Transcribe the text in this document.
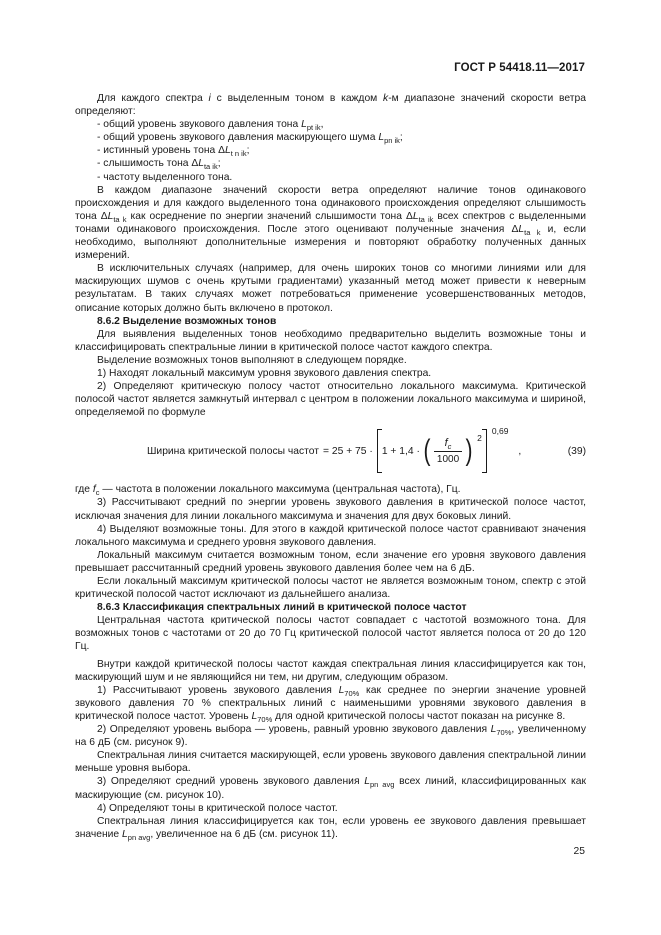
ГОСТ Р 54418.11—2017

Для каждого спектра i с выделенным тоном в каждом k-м диапазоне значений скорости ветра определяют:

- общий уровень звукового давления тона $L_{pt ik}$,

- общий уровень звукового давления маскирующего шума $L_{pn ik}$;

- истинный уровень тона $\Delta L_{t n ik}$;

- слышимость тона $\Delta L_{ta ik}$;

- частоту выделенного тона.

В каждом диапазоне значений скорости ветра определяют наличие тонов одинакового происхождения и для каждого выделенного тона одинакового происхождения определяют слышимость тона $\Delta L_{ta k}$ как осреднение по энергии значений слышимости тона $\Delta L_{ta ik}$ всех спектров с выделенными тонами одинакового происхождения. После этого оценивают полученные значения $\Delta L_{ta k}$ и, если необходимо, выполняют дополнительные измерения и повторяют обработку полученных данных измерений.

В исключительных случаях (например, для очень широких тонов со многими линиями или для маскирующих шумов с очень крутыми градиентами) указанный метод может привести к неверным результатам. В таких случаях может потребоваться применение усовершенствованных методов, описание которых должно быть включено в протокол.

8.6.2 Выделение возможных тонов

Для выявления выделенных тонов необходимо предварительно выделить возможные тоны и классифицировать спектральные линии в критической полосе частот каждого спектра.

Выделение возможных тонов выполняют в следующем порядке.

1) Находят локальный максимум уровня звукового давления спектра.

2) Определяют критическую полосу частот относительно локального максимума. Критической полосой частот является замкнутый интервал с центром в положении локального максимума и шириной, определяемой по формуле

Ширина критической полосы частот = 25 + 75 · 1 + 1,4 · ( $\frac{f_c}{1000}$ ) 2
0,69
,	(39)

где $f_c$ — частота в положении локального максимума (центральная частота), Гц.

3) Рассчитывают средний по энергии уровень звукового давления в критической полосе частот, исключая значения для линии локального максимума и значения для двух боковых линий.

4) Выделяют возможные тоны. Для этого в каждой критической полосе частот сравнивают значения локального максимума и среднего уровня звукового давления.

Локальный максимум считается возможным тоном, если значение его уровня звукового давления превышает рассчитанный средний уровень звукового давления более чем на 6 дБ.

Если локальный максимум критической полосы частот не является возможным тоном, спектр с этой критической полосой частот исключают из дальнейшего анализа.

8.6.3 Классификация спектральных линий в критической полосе частот

Центральная частота критической полосы частот совпадает с частотой возможного тона. Для возможных тонов с частотами от 20 до 70 Гц критической полосой частот является полоса от 20 до 120 Гц.

Внутри каждой критической полосы частот каждая спектральная линия классифицируется как тон, маскирующий шум и не являющийся ни тем, ни другим, следующим образом.

1) Рассчитывают уровень звукового давления $L_{70\%}$ как среднее по энергии значение уровней звукового давления 70 % спектральных линий с наименьшими уровнями звукового давления в критической полосе частот. Уровень $L_{70\%}$ для одной критической полосы частот показан на рисунке 8.

2) Определяют уровень выбора — уровень, равный уровню звукового давления $L_{70\%}$, увеличенному на 6 дБ (см. рисунок 9).

Спектральная линия считается маскирующей, если уровень звукового давления спектральной линии меньше уровня выбора.

3) Определяют средний уровень звукового давления $L_{pn avg}$ всех линий, классифицированных как маскирующие (см. рисунок 10).

4) Определяют тоны в критической полосе частот.

Спектральная линия классифицируется как тон, если уровень ее звукового давления превышает значение $L_{pn avg}$, увеличенное на 6 дБ (см. рисунок 11).

25
